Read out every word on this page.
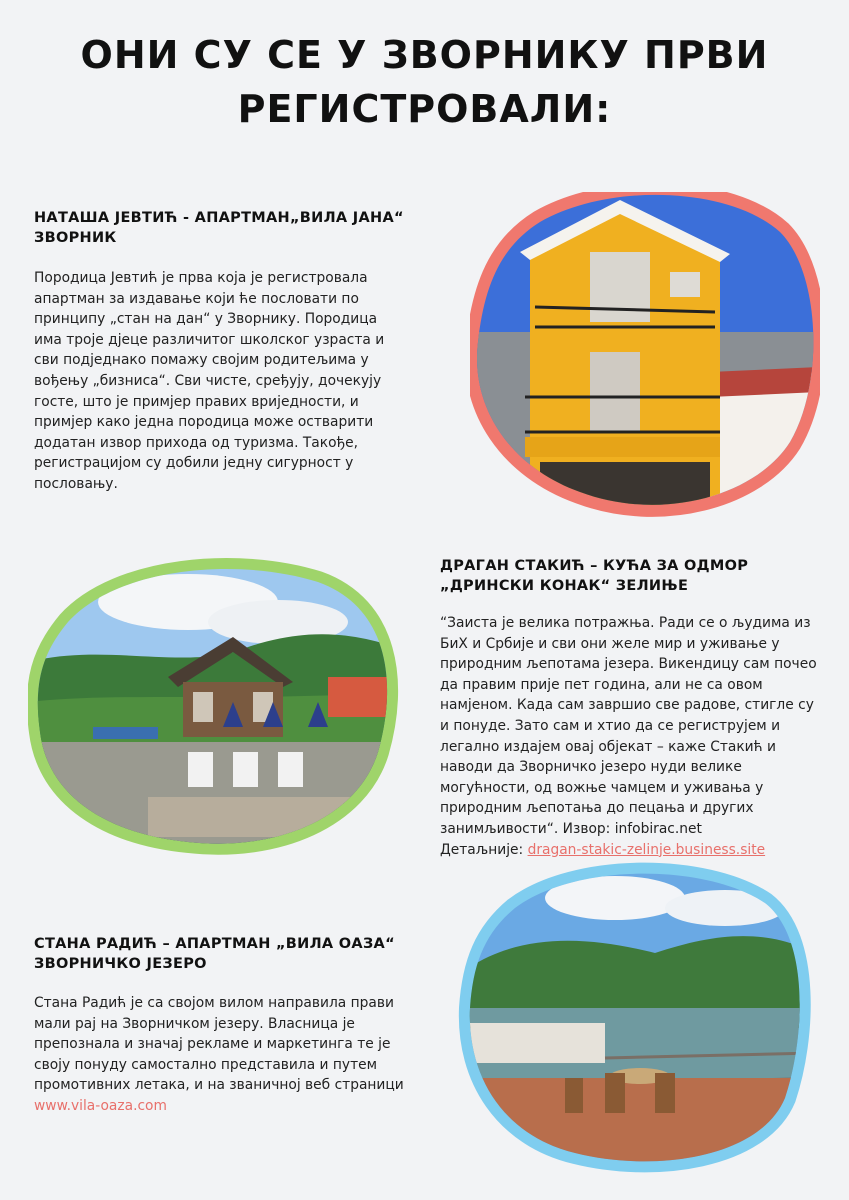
ОНИ СУ СЕ У ЗВОРНИКУ ПРВИ РЕГИСТРОВАЛИ:
НАТАША ЈЕВТИЋ - АПАРТМАН„ВИЛА ЈАНА“ ЗВОРНИК

Породица Јевтић је прва која је регистровала апартман за издавање који ће пословати по принципу „стан на дан“ у Зворнику. Породица има троје дјеце различитог школског узраста и сви подједнако помажу својим родитељима у вођењу „бизниса“. Сви чисте, сређују, дочекују госте, што је примјер правих вриједности, и примјер како једна породица може остварити додатан извор прихода од туризма. Такође, регистрацијом су добили једну сигурност у пословању.

ДРАГАН СТАКИЋ – КУЋА ЗА ОДМОР „ДРИНСКИ КОНАК“ ЗЕЛИЊЕ

“Заиста је велика потражња. Ради се о људима из БиХ и Србије и сви они желе мир и уживање у природним љепотама језера. Викендицу сам почео да правим прије пет година, али не са овом намјеном. Када сам завршио све радове, стигле су и понуде. Зато сам и хтио да се региструјем и легално издајем овај објекат – каже Стакић и наводи да Зворничко језеро нуди велике могућности, од вожње чамцем и уживања у природним љепотања до пецања и других занимљивости“. Извор: infobirac.net
Детаљније: dragan-stakic-zelinje.business.site

СТАНА РАДИЋ – АПАРТМАН „ВИЛА ОАЗА“ ЗВОРНИЧКО ЈЕЗЕРО

Стана Радић је са својом вилом направила прави мали рај на Зворничком језеру. Власница је препознала и значај рекламе и маркетинга те је своју понуду самостално представила и путем промотивних летака, и на званичној веб страници
www.vila-oaza.com
